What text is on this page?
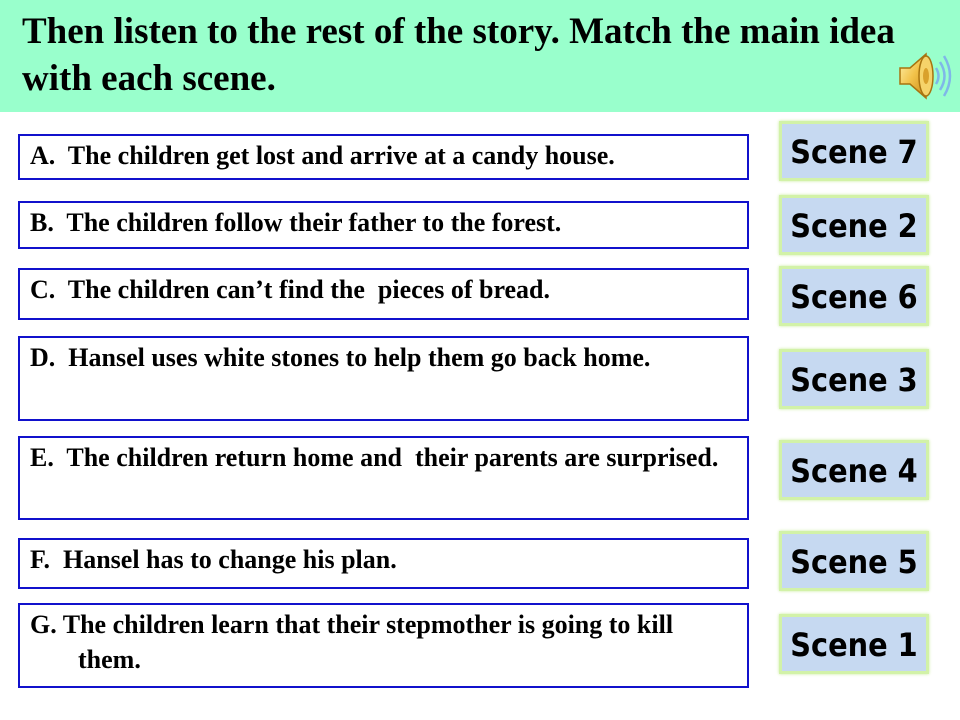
Then listen to the rest of the story. Match the main idea with each scene.
A.  The children get lost and arrive at a candy house.
B.  The children follow their father to the forest.
C.  The children can’t find the  pieces of bread.
D.  Hansel uses white stones to help them go back home.
E.  The children return home and  their parents are surprised.
F.  Hansel has to change his plan.
G. The children learn that their stepmother is going to kill them.
Scene 7
Scene 2
Scene 6
Scene 3
Scene 4
Scene 5
Scene 1
